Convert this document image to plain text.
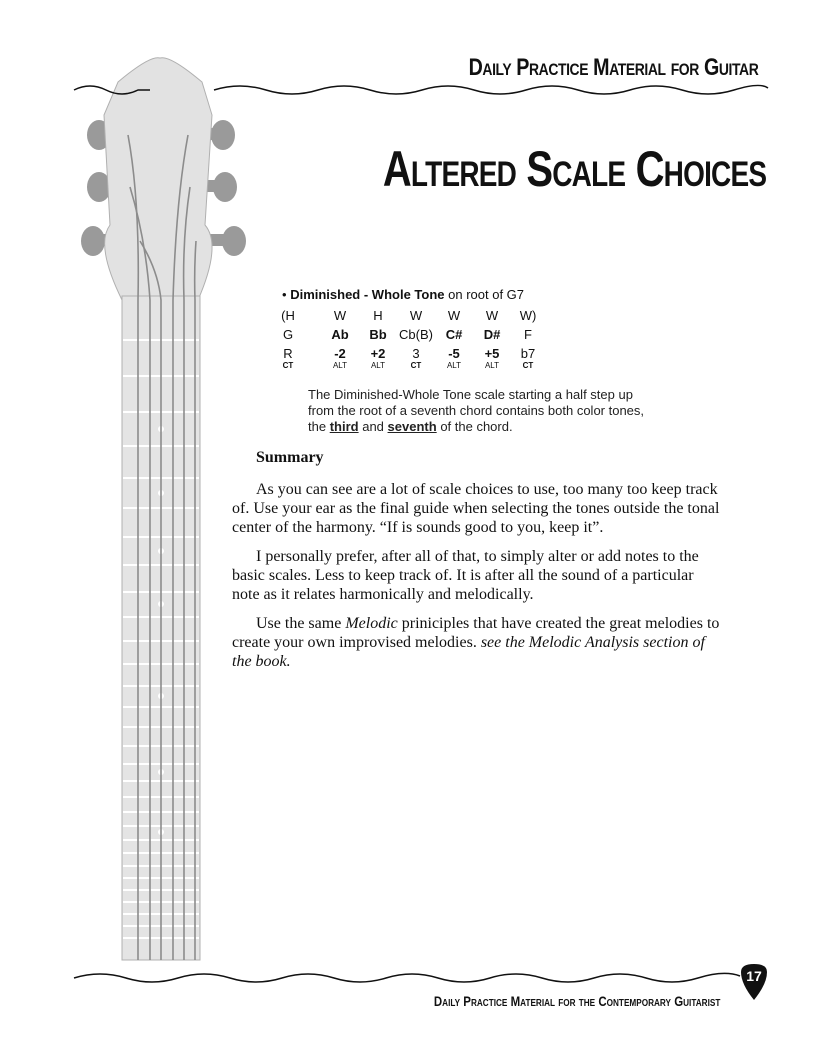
Daily Practice Material for Guitar
Altered Scale Choices
• Diminished - Whole Tone on root of G7
(H	W	H	W	W	W	W)
G	Ab	Bb Cb(B) C#	D#	F
R	-2	+2	3	-5	+5	b7
CT	ALT	ALT	CT	ALT	ALT	CT
The Diminished-Whole Tone scale starting a half step up
from the root of a seventh chord contains both color tones,
the third and seventh of the chord.
Summary

As you can see are a lot of scale choices to use, too many too keep track of. Use your ear as the final guide when selecting the tones outside the tonal center of the harmony. “If is sounds good to you, keep it”.

I personally prefer, after all of that, to simply alter or add notes to the basic scales. Less to keep track of. It is after all the sound of a particular note as it relates harmonically and melodically.

Use the same Melodic priniciples that have created the great melodies to create your own improvised melodies. see the Melodic Analysis section of the book.

Daily Practice Material for the Contemporary Guitarist
17
